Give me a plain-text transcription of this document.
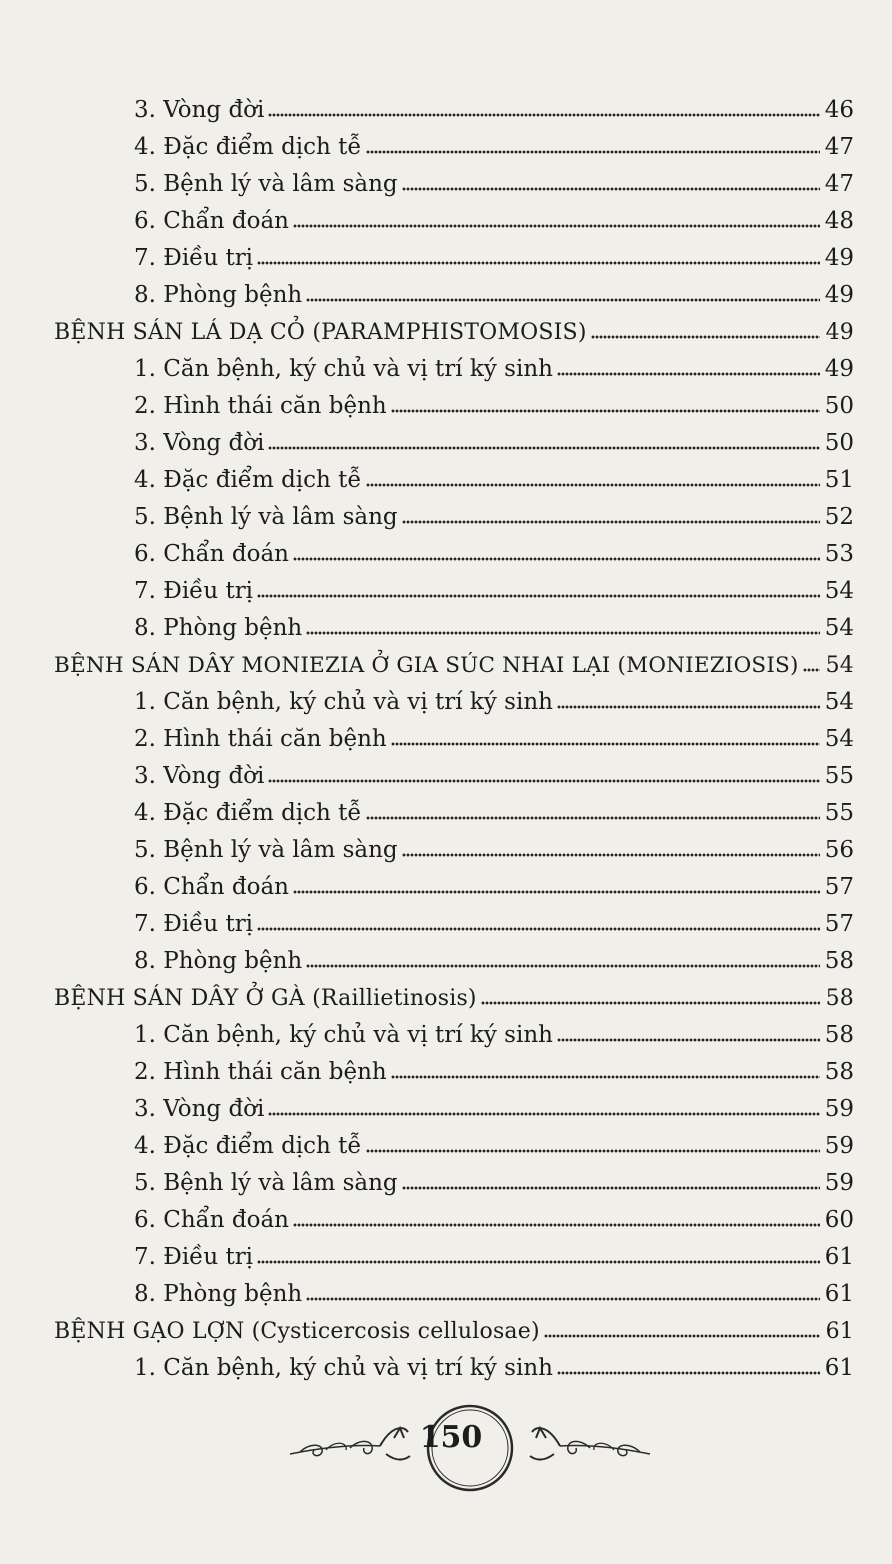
3. Vòng đời	46
4. Đặc điểm dịch tễ	47
5. Bệnh lý và lâm sàng	47
6. Chẩn đoán	48
7. Điều trị	49
8. Phòng bệnh	49
BỆNH SÁN LÁ DẠ CỎ (PARAMPHISTOMOSIS)	49
1. Căn bệnh, ký chủ và vị trí ký sinh	49
2. Hình thái căn bệnh	50
3. Vòng đời	50
4. Đặc điểm dịch tễ	51
5. Bệnh lý và lâm sàng	52
6. Chẩn đoán	53
7. Điều trị	54
8. Phòng bệnh	54
BỆNH SÁN DÂY MONIEZIA Ở GIA SÚC NHAI LẠI (MONIEZIOSIS) 54
1. Căn bệnh, ký chủ và vị trí ký sinh	54
2. Hình thái căn bệnh	54
3. Vòng đời	55
4. Đặc điểm dịch tễ	55
5. Bệnh lý và lâm sàng	56
6. Chẩn đoán	57
7. Điều trị	57
8. Phòng bệnh	58
BỆNH SÁN DÂY Ở GÀ (Raillietinosis)	58
1. Căn bệnh, ký chủ và vị trí ký sinh	58
2. Hình thái căn bệnh	58
3. Vòng đời	59
4. Đặc điểm dịch tễ	59
5. Bệnh lý và lâm sàng	59
6. Chẩn đoán	60
7. Điều trị	61
8. Phòng bệnh	61
BỆNH GẠO LỢN (Cysticercosis cellulosae)	61
1. Căn bệnh, ký chủ và vị trí ký sinh	61
150
